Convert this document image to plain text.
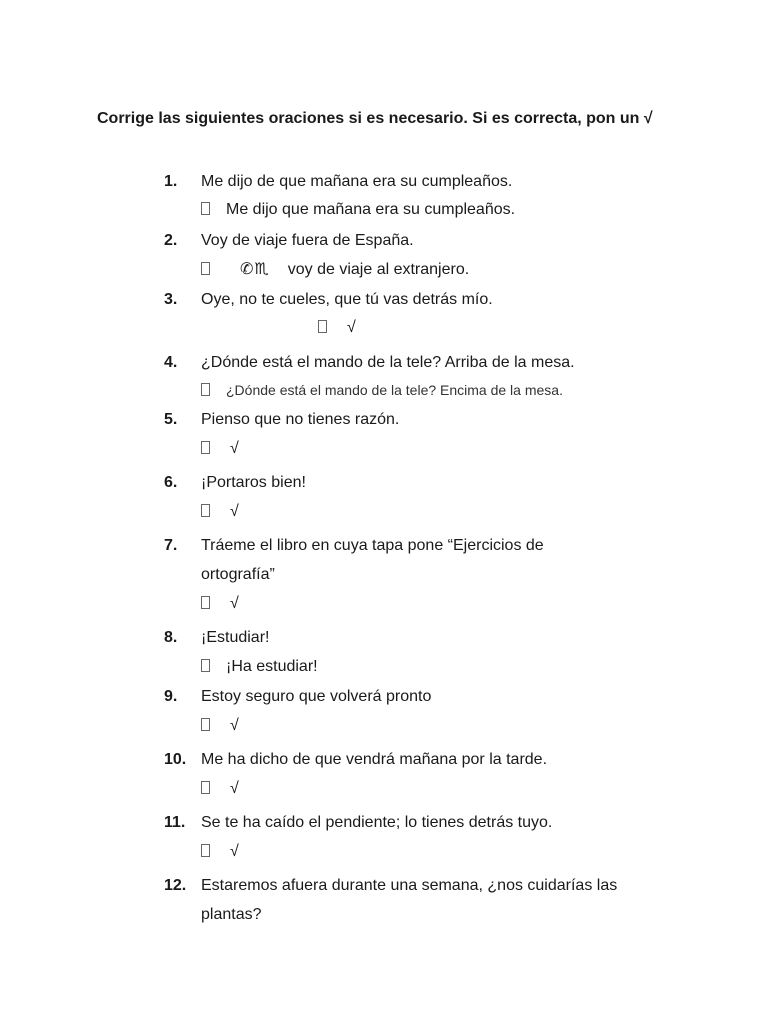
Corrige las siguientes oraciones si es necesario. Si es correcta, pon un √
1.	Me dijo de que mañana era su cumpleaños.
Me dijo que mañana era su cumpleaños.
2.	Voy de viaje fuera de España.
✆♏ voy de viaje al extranjero.
3.	Oye, no te cueles, que tú vas detrás mío.
√
4.	¿Dónde está el mando de la tele? Arriba de la mesa.
¿Dónde está el mando de la tele? Encima de la mesa.
5.	Pienso que no tienes razón.
√
6.	¡Portaros bien!
√
7.	Tráeme el libro en cuya tapa pone “Ejercicios de ortografía”
√
8.	¡Estudiar!
¡Ha estudiar!
9.	Estoy seguro que volverá pronto
√
10. Me ha dicho de que vendrá mañana por la tarde.
√
11. Se te ha caído el pendiente; lo tienes detrás tuyo.
√
12. Estaremos afuera durante una semana, ¿nos cuidarías las plantas?
